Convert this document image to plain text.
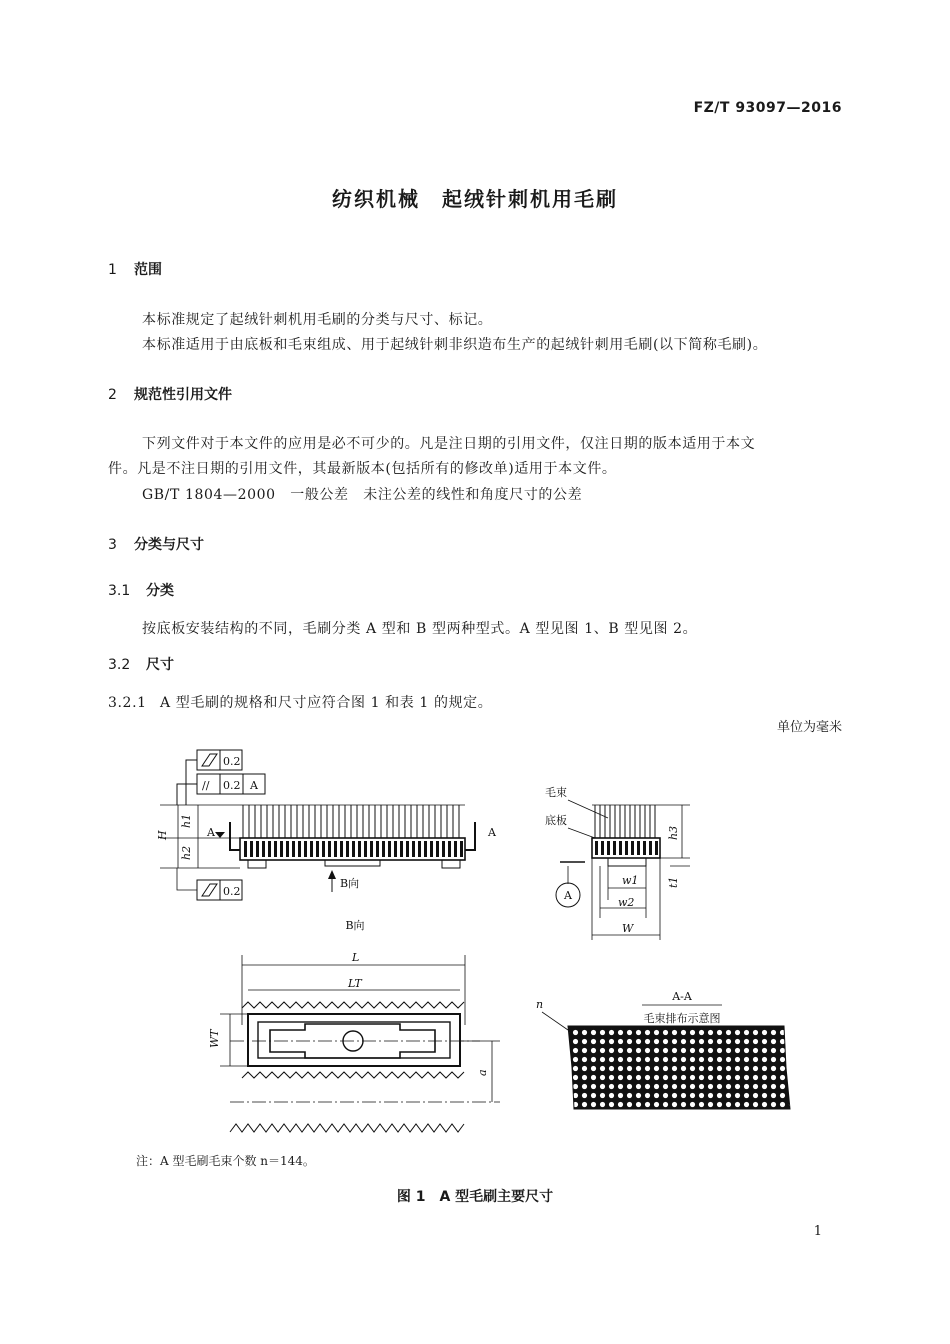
FZ/T 93097—2016
纺织机械　起绒针刺机用毛刷
1 范围
本标准规定了起绒针刺机用毛刷的分类与尺寸、标记。
本标准适用于由底板和毛束组成、用于起绒针刺非织造布生产的起绒针刺用毛刷(以下简称毛刷)。
2 规范性引用文件
下列文件对于本文件的应用是必不可少的。凡是注日期的引用文件，仅注日期的版本适用于本文
件。凡是不注日期的引用文件，其最新版本(包括所有的修改单)适用于本文件。
GB/T 1804—2000　一般公差　未注公差的线性和角度尺寸的公差
3 分类与尺寸
3.1 分类
按底板安装结构的不同，毛刷分类 A 型和 B 型两种型式。A 型见图 1、B 型见图 2。
3.2 尺寸
3.2.1 A 型毛刷的规格和尺寸应符合图 1 和表 1 的规定。
单位为毫米
0.2
// 0.2 A
H
h1
h2
A	A
B向
0.2
B向
毛束
底板
h3
t1
A
w1
w2
W
L
LT
WT
a
A-A
毛束排布示意图
n
注：A 型毛刷毛束个数 n＝144。
图 1　A 型毛刷主要尺寸
1
